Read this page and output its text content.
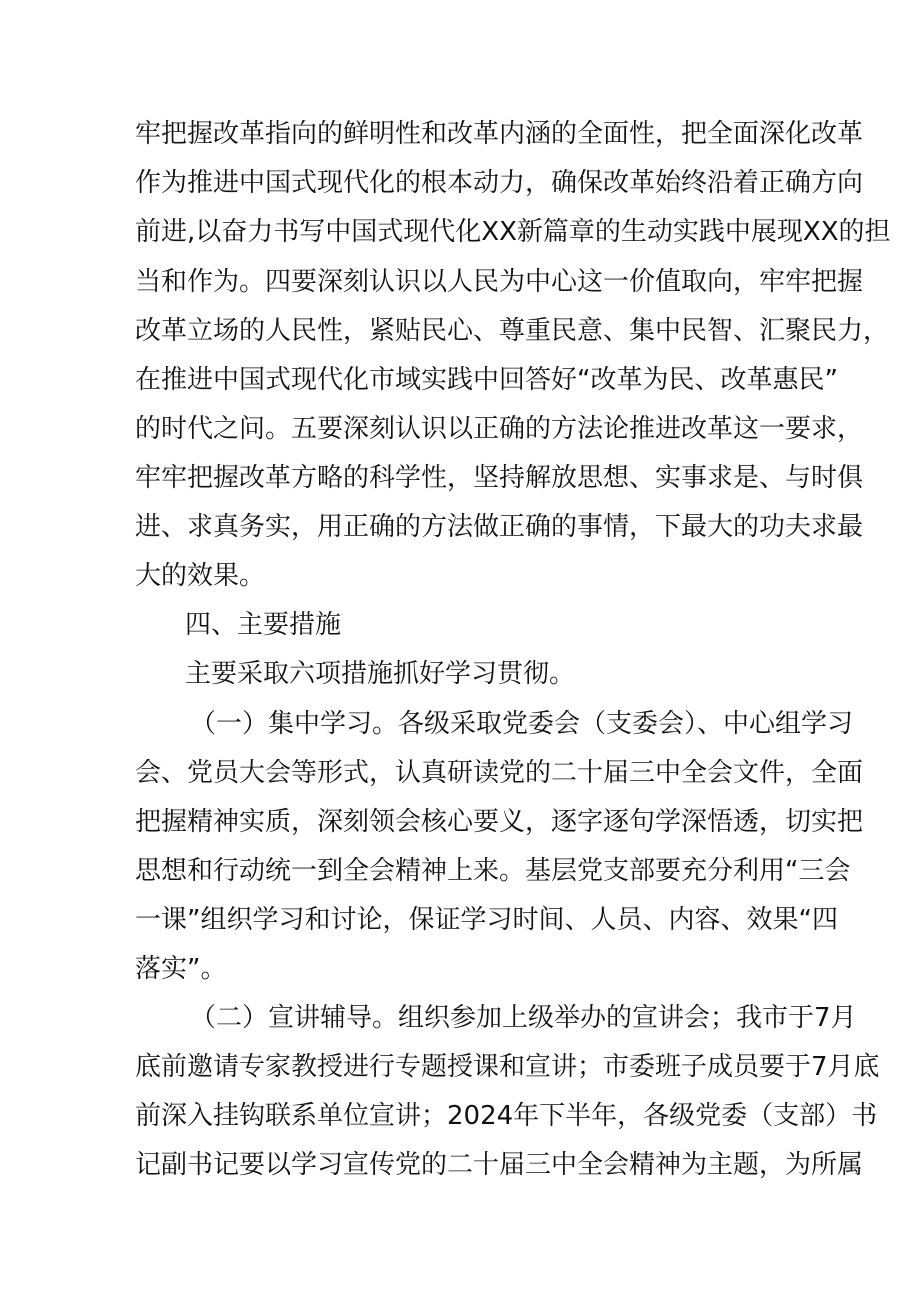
牢把握改革指向的鲜明性和改革内涵的全面性，把全面深化改革
作为推进中国式现代化的根本动力，确保改革始终沿着正确方向
前进,以奋力书写中国式现代化XX新篇章的生动实践中展现XX的担
当和作为。四要深刻认识以人民为中心这一价值取向，牢牢把握
改革立场的人民性，紧贴民心、尊重民意、集中民智、汇聚民力，
在推进中国式现代化市域实践中回答好“改革为民、改革惠民”
的时代之问。五要深刻认识以正确的方法论推进改革这一要求，
牢牢把握改革方略的科学性，坚持解放思想、实事求是、与时俱
进、求真务实，用正确的方法做正确的事情，下最大的功夫求最
大的效果。
四、主要措施
主要采取六项措施抓好学习贯彻。
（一）集中学习。各级采取党委会（支委会）、中心组学习
会、党员大会等形式，认真研读党的二十届三中全会文件，全面
把握精神实质，深刻领会核心要义，逐字逐句学深悟透，切实把
思想和行动统一到全会精神上来。基层党支部要充分利用“三会
一课”组织学习和讨论，保证学习时间、人员、内容、效果“四
落实”。
（二）宣讲辅导。组织参加上级举办的宣讲会；我市于7月
底前邀请专家教授进行专题授课和宣讲；市委班子成员要于7月底
前深入挂钩联系单位宣讲；2024年下半年，各级党委（支部）书
记副书记要以学习宣传党的二十届三中全会精神为主题，为所属
